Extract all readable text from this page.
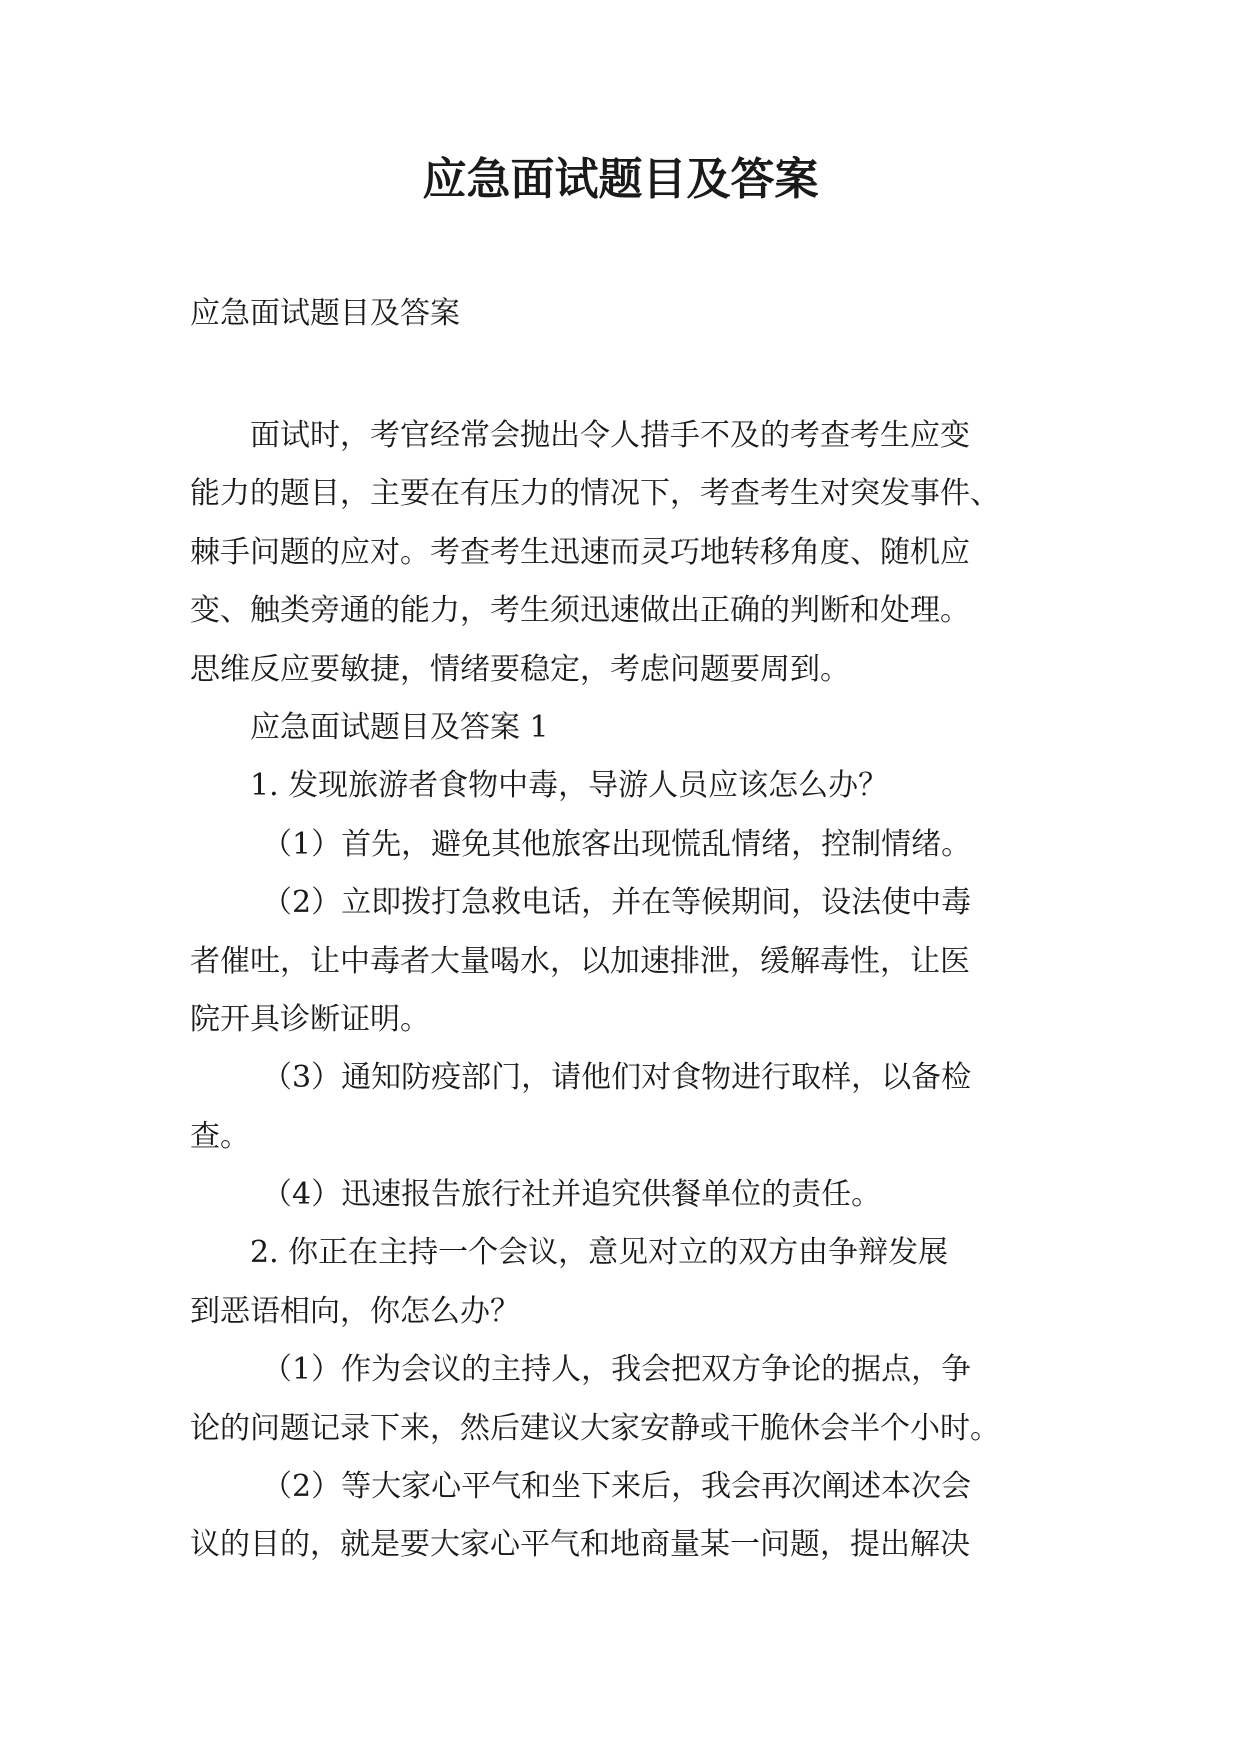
应急面试题目及答案

应急面试题目及答案

面试时，考官经常会抛出令人措手不及的考查考生应变
能力的题目，主要在有压力的情况下，考查考生对突发事件、
棘手问题的应对。考查考生迅速而灵巧地转移角度、随机应
变、触类旁通的能力，考生须迅速做出正确的判断和处理。
思维反应要敏捷，情绪要稳定，考虑问题要周到。
应急面试题目及答案 1
1. 发现旅游者食物中毒，导游人员应该怎么办？
（1）首先，避免其他旅客出现慌乱情绪，控制情绪。
（2）立即拨打急救电话，并在等候期间，设法使中毒
者催吐，让中毒者大量喝水，以加速排泄，缓解毒性，让医
院开具诊断证明。
（3）通知防疫部门，请他们对食物进行取样，以备检
查。
（4）迅速报告旅行社并追究供餐单位的责任。
2. 你正在主持一个会议，意见对立的双方由争辩发展
到恶语相向，你怎么办？
（1）作为会议的主持人，我会把双方争论的据点，争
论的问题记录下来，然后建议大家安静或干脆休会半个小时。
（2）等大家心平气和坐下来后，我会再次阐述本次会
议的目的，就是要大家心平气和地商量某一问题，提出解决
